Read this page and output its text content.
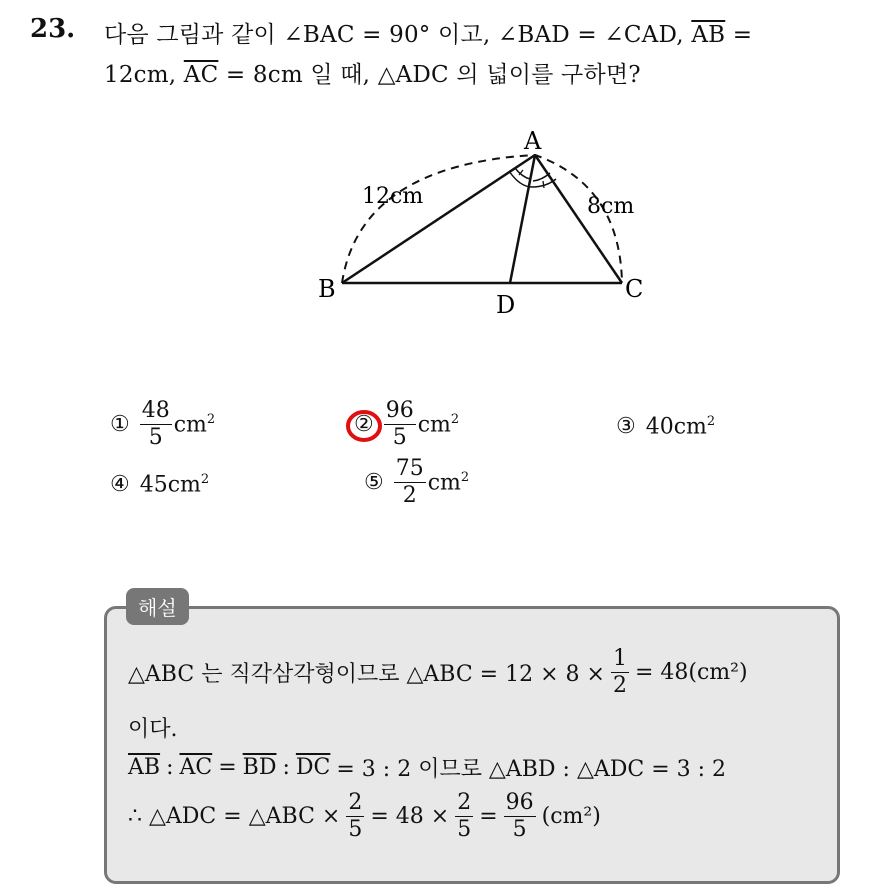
23. 다음 그림과 같이 ∠BAC = 90° 이고, ∠BAD = ∠CAD, $\overline{AB}$ =
12cm, $\overline{AC} = 8cm$ 일 때, △ADC 의 넓이를 구하면?
A
B	C
D
12cm	8cm
① $\frac{48}{5} cm^2$	② $\frac{96}{5} cm^2$	③ $40cm^2$
④ $45cm^2$	⑤ $\frac{75}{2} cm^2$
해설
△ABC 는 직각삼각형이므로 △ABC = $12 \times 8 \times \frac{1}{2} = 48(cm^2)$
이다.
$\overline{AB}$ : $\overline{AC} = \overline{BD}$ : $\overline{DC} = 3$ : 2 이므로 △ABD : △ADC = 3 : 2
∴ △ADC = △ABC × $\frac{2}{5} = 48 \times \frac{2}{5} = \frac{96}{5} (cm^2)$
